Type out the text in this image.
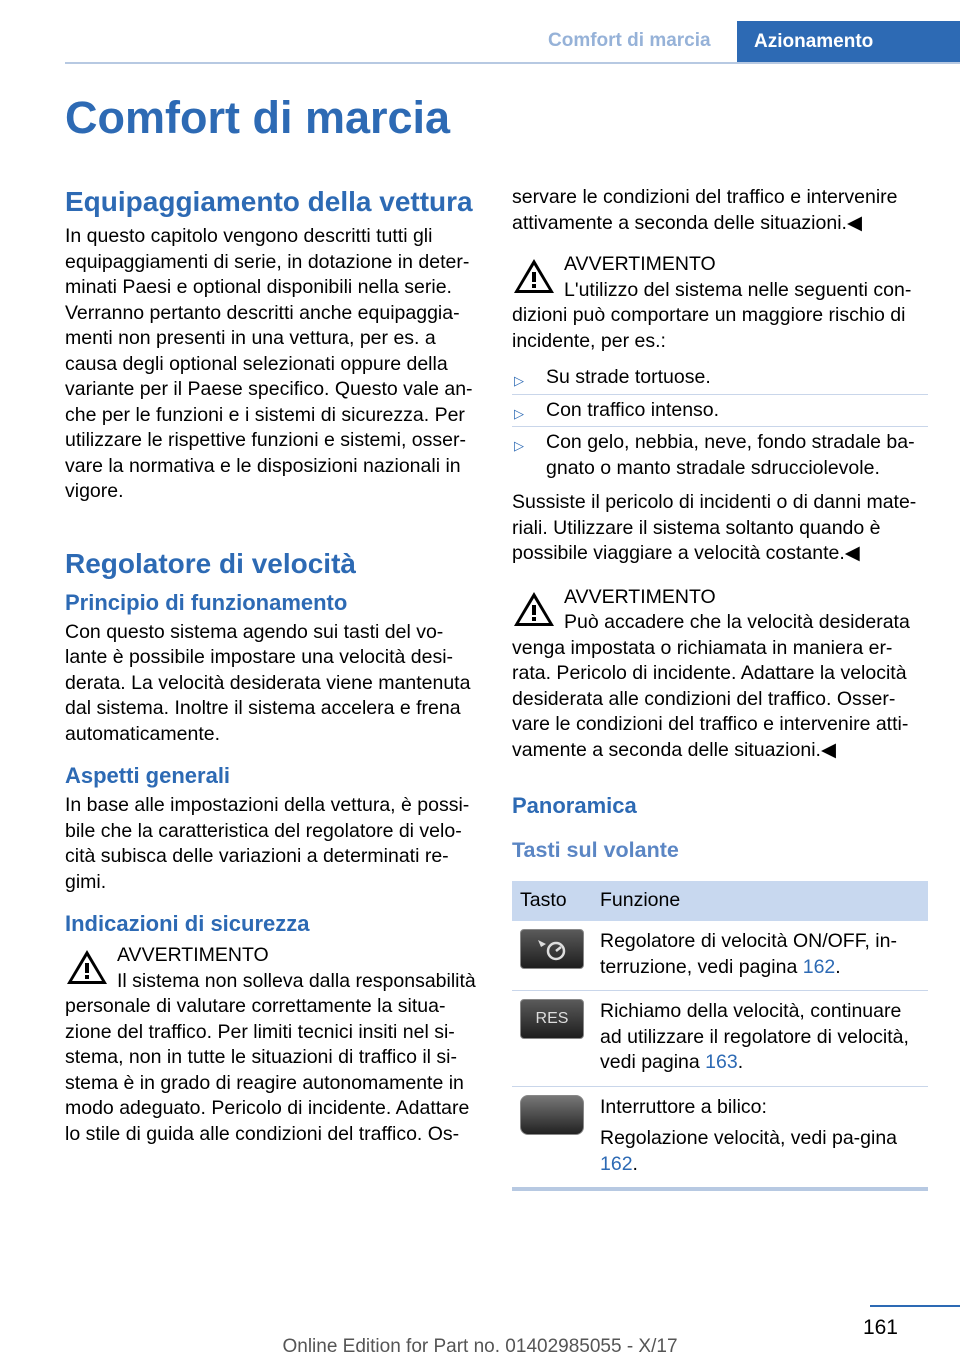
Comfort di marcia	Azionamento
Comfort di marcia
Equipaggiamento della vettura

In questo capitolo vengono descritti tutti gli equipaggiamenti di serie, in dotazione in deter‐minati Paesi e optional disponibili nella serie. Verranno pertanto descritti anche equipaggia‐menti non presenti in una vettura, per es. a causa degli optional selezionati oppure della variante per il Paese specifico. Questo vale an‐che per le funzioni e i sistemi di sicurezza. Per utilizzare le rispettive funzioni e sistemi, osser‐vare la normativa e le disposizioni nazionali in vigore.

Regolatore di velocità
Principio di funzionamento

Con questo sistema agendo sui tasti del vo‐lante è possibile impostare una velocità desi‐derata. La velocità desiderata viene mantenuta dal sistema. Inoltre il sistema accelera e frena automaticamente.

Aspetti generali

In base alle impostazioni della vettura, è possi‐bile che la caratteristica del regolatore di velo‐cità subisca delle variazioni a determinati re‐gimi.

Indicazioni di sicurezza
AVVERTIMENTO
Il sistema non solleva dalla responsabilità personale di valutare correttamente la situa‐zione del traffico. Per limiti tecnici insiti nel si‐stema, non in tutte le situazioni di traffico il si‐stema è in grado di reagire autonomamente in modo adeguato. Pericolo di incidente. Adattare lo stile di guida alle condizioni del traffico. Os‐

servare le condizioni del traffico e intervenire attivamente a seconda delle situazioni.◀

AVVERTIMENTO
L'utilizzo del sistema nelle seguenti con‐dizioni può comportare un maggiore rischio di incidente, per es.:
▷ Su strade tortuose.
▷ Con traffico intenso.
▷ Con gelo, nebbia, neve, fondo stradale ba‐gnato o manto stradale sdrucciolevole.

Sussiste il pericolo di incidenti o di danni mate‐riali. Utilizzare il sistema soltanto quando è possibile viaggiare a velocità costante.◀

AVVERTIMENTO
Può accadere che la velocità desiderata venga impostata o richiamata in maniera er‐rata. Pericolo di incidente. Adattare la velocità desiderata alle condizioni del traffico. Osser‐vare le condizioni del traffico e intervenire atti‐vamente a seconda delle situazioni.◀
Panoramica
Tasti sul volante
Tasto	Funzione

	Regolatore di velocità ON/OFF, in‐terruzione, vedi pagina 162.

RES	Richiamo della velocità, continuare ad utilizzare il regolatore di velocità, vedi pagina 163.

	Interruttore a bilico:
Regolazione velocità, vedi pa‐gina 162.
161
Online Edition for Part no. 01402985055 - X/17
